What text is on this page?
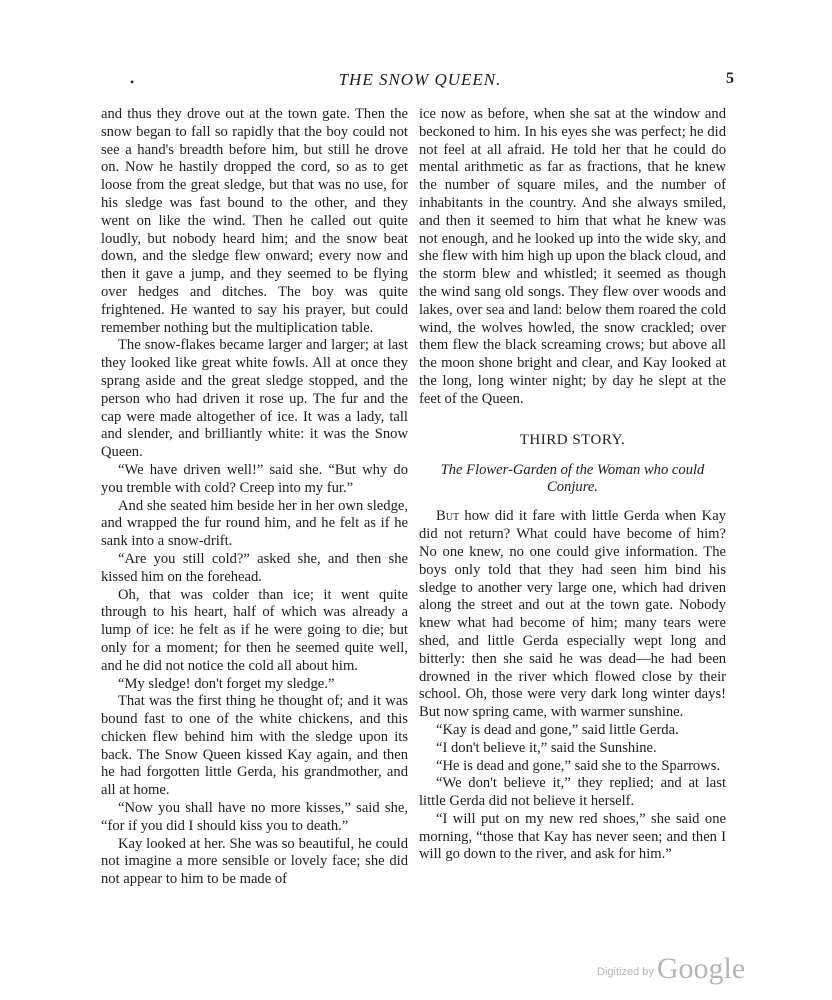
•	THE SNOW QUEEN.	5

and thus they drove out at the town gate. Then the snow began to fall so rapidly that the boy could not see a hand's breadth before him, but still he drove on. Now he hastily dropped the cord, so as to get loose from the great sledge, but that was no use, for his sledge was fast bound to the other, and they went on like the wind. Then he called out quite loudly, but nobody heard him; and the snow beat down, and the sledge flew onward; every now and then it gave a jump, and they seemed to be flying over hedges and ditches. The boy was quite frightened. He wanted to say his prayer, but could remember nothing but the multiplication table.

The snow-flakes became larger and larger; at last they looked like great white fowls. All at once they sprang aside and the great sledge stopped, and the person who had driven it rose up. The fur and the cap were made altogether of ice. It was a lady, tall and slender, and brilliantly white: it was the Snow Queen.

“We have driven well!” said she. “But why do you tremble with cold? Creep into my fur.”

And she seated him beside her in her own sledge, and wrapped the fur round him, and he felt as if he sank into a snow-drift.

“Are you still cold?” asked she, and then she kissed him on the forehead.

Oh, that was colder than ice; it went quite through to his heart, half of which was already a lump of ice: he felt as if he were going to die; but only for a moment; for then he seemed quite well, and he did not notice the cold all about him.

“My sledge! don't forget my sledge.”

That was the first thing he thought of; and it was bound fast to one of the white chickens, and this chicken flew behind him with the sledge upon its back. The Snow Queen kissed Kay again, and then he had forgotten little Gerda, his grandmother, and all at home.

“Now you shall have no more kisses,” said she, “for if you did I should kiss you to death.”

Kay looked at her. She was so beautiful, he could not imagine a more sensible or lovely face; she did not appear to him to be made of

ice now as before, when she sat at the window and beckoned to him. In his eyes she was perfect; he did not feel at all afraid. He told her that he could do mental arithmetic as far as fractions, that he knew the number of square miles, and the number of inhabitants in the country. And she always smiled, and then it seemed to him that what he knew was not enough, and he looked up into the wide sky, and she flew with him high up upon the black cloud, and the storm blew and whistled; it seemed as though the wind sang old songs. They flew over woods and lakes, over sea and land: below them roared the cold wind, the wolves howled, the snow crackled; over them flew the black screaming crows; but above all the moon shone bright and clear, and Kay looked at the long, long winter night; by day he slept at the feet of the Queen.

THIRD STORY.
The Flower-Garden of the Woman who could Conjure.

But how did it fare with little Gerda when Kay did not return? What could have become of him? No one knew, no one could give information. The boys only told that they had seen him bind his sledge to another very large one, which had driven along the street and out at the town gate. Nobody knew what had become of him; many tears were shed, and little Gerda especially wept long and bitterly: then she said he was dead—he had been drowned in the river which flowed close by their school. Oh, those were very dark long winter days! But now spring came, with warmer sunshine.

“Kay is dead and gone,” said little Gerda.

“I don't believe it,” said the Sunshine.

“He is dead and gone,” said she to the Sparrows.

“We don't believe it,” they replied; and at last little Gerda did not believe it herself.

“I will put on my new red shoes,” she said one morning, “those that Kay has never seen; and then I will go down to the river, and ask for him.”

Digitized by Google
